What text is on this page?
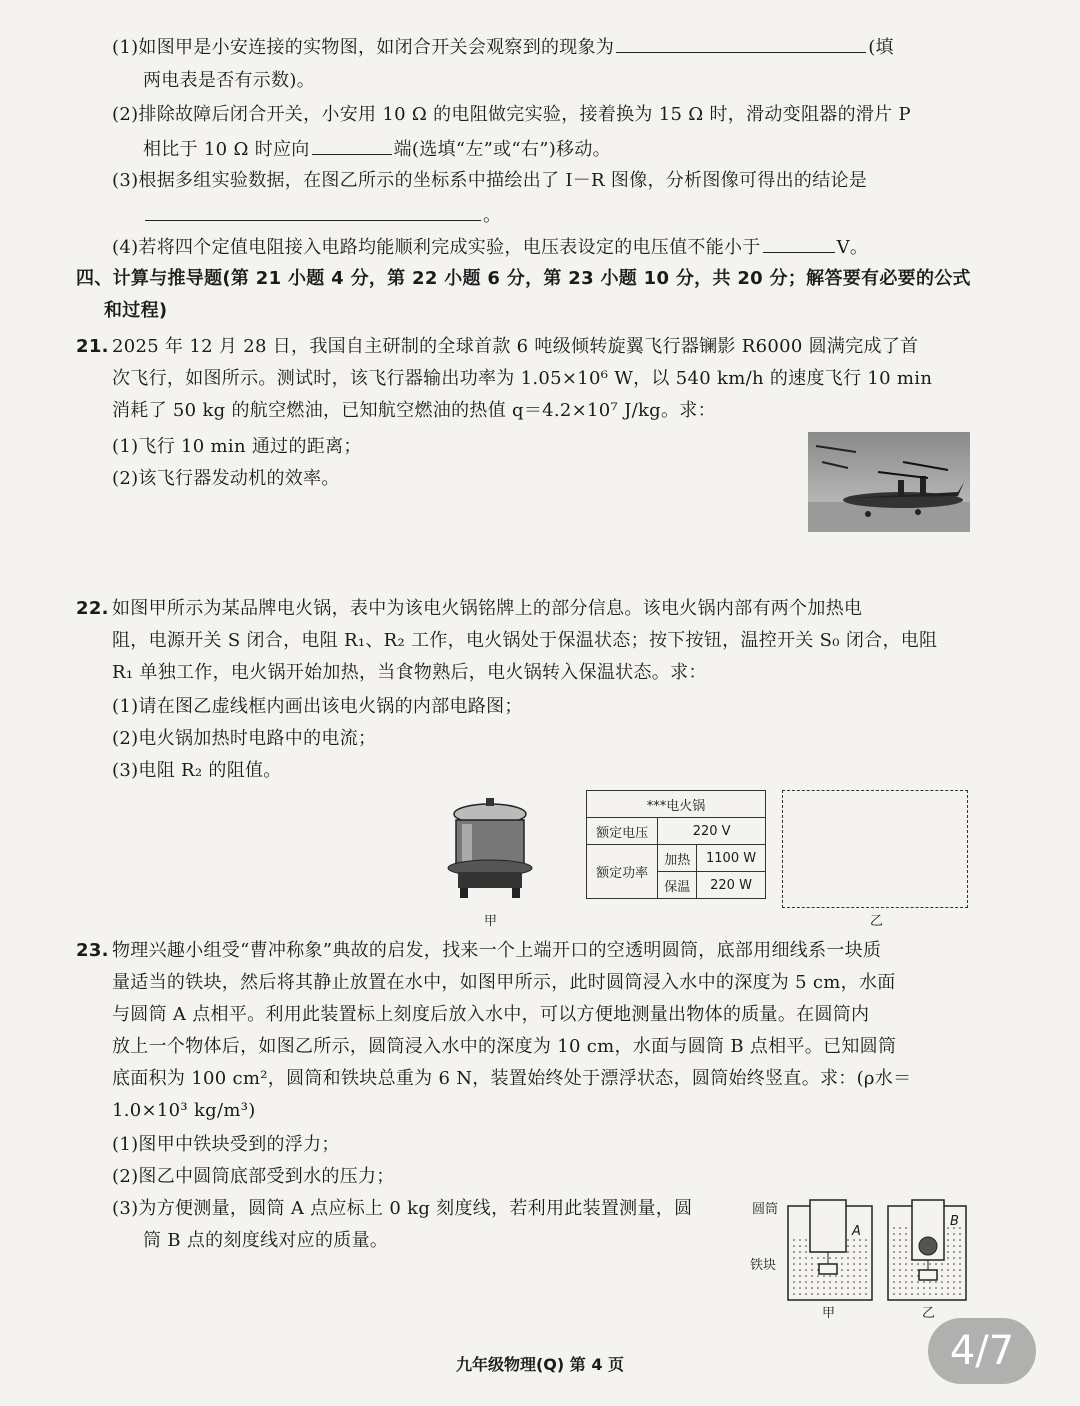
(1)如图甲是小安连接的实物图，如闭合开关会观察到的现象为	(填
两电表是否有示数)。
(2)排除故障后闭合开关，小安用 10 Ω 的电阻做完实验，接着换为 15 Ω 时，滑动变阻器的滑片 P
相比于 10 Ω 时应向	端(选填“左”或“右”)移动。
(3)根据多组实验数据，在图乙所示的坐标系中描绘出了 I－R 图像，分析图像可得出的结论是
。
(4)若将四个定值电阻接入电路均能顺利完成实验，电压表设定的电压值不能小于	V。
四、计算与推导题(第 21 小题 4 分，第 22 小题 6 分，第 23 小题 10 分，共 20 分；解答要有必要的公式
和过程)
21. 2025 年 12 月 28 日，我国自主研制的全球首款 6 吨级倾转旋翼飞行器镧影 R6000 圆满完成了首
次飞行，如图所示。测试时，该飞行器输出功率为 1.05×10⁶ W，以 540 km/h 的速度飞行 10 min
消耗了 50 kg 的航空燃油，已知航空燃油的热值 q＝4.2×10⁷ J/kg。求：
(1)飞行 10 min 通过的距离；
(2)该飞行器发动机的效率。
22. 如图甲所示为某品牌电火锅，表中为该电火锅铭牌上的部分信息。该电火锅内部有两个加热电
阻，电源开关 S 闭合，电阻 R₁、R₂ 工作，电火锅处于保温状态；按下按钮，温控开关 S₀ 闭合，电阻
R₁ 单独工作，电火锅开始加热，当食物熟后，电火锅转入保温状态。求：
(1)请在图乙虚线框内画出该电火锅的内部电路图；
(2)电火锅加热时电路中的电流；
(3)电阻 R₂ 的阻值。
甲
***电火锅		
额定电压	220 V	
额定功率	加热	1100 W
	保温	220 W
乙
23. 物理兴趣小组受“曹冲称象”典故的启发，找来一个上端开口的空透明圆筒，底部用细线系一块质
量适当的铁块，然后将其静止放置在水中，如图甲所示，此时圆筒浸入水中的深度为 5 cm，水面
与圆筒 A 点相平。利用此装置标上刻度后放入水中，可以方便地测量出物体的质量。在圆筒内
放上一个物体后，如图乙所示，圆筒浸入水中的深度为 10 cm，水面与圆筒 B 点相平。已知圆筒
底面积为 100 cm²，圆筒和铁块总重为 6 N，装置始终处于漂浮状态，圆筒始终竖直。求：(ρ水＝
1.0×10³ kg/m³)
(1)图甲中铁块受到的浮力；
(2)图乙中圆筒底部受到水的压力；
(3)为方便测量，圆筒 A 点应标上 0 kg 刻度线，若利用此装置测量，圆
筒 B 点的刻度线对应的质量。
圆筒
铁块
A
甲
B
乙
九年级物理(Q) 第 4 页	4/7
